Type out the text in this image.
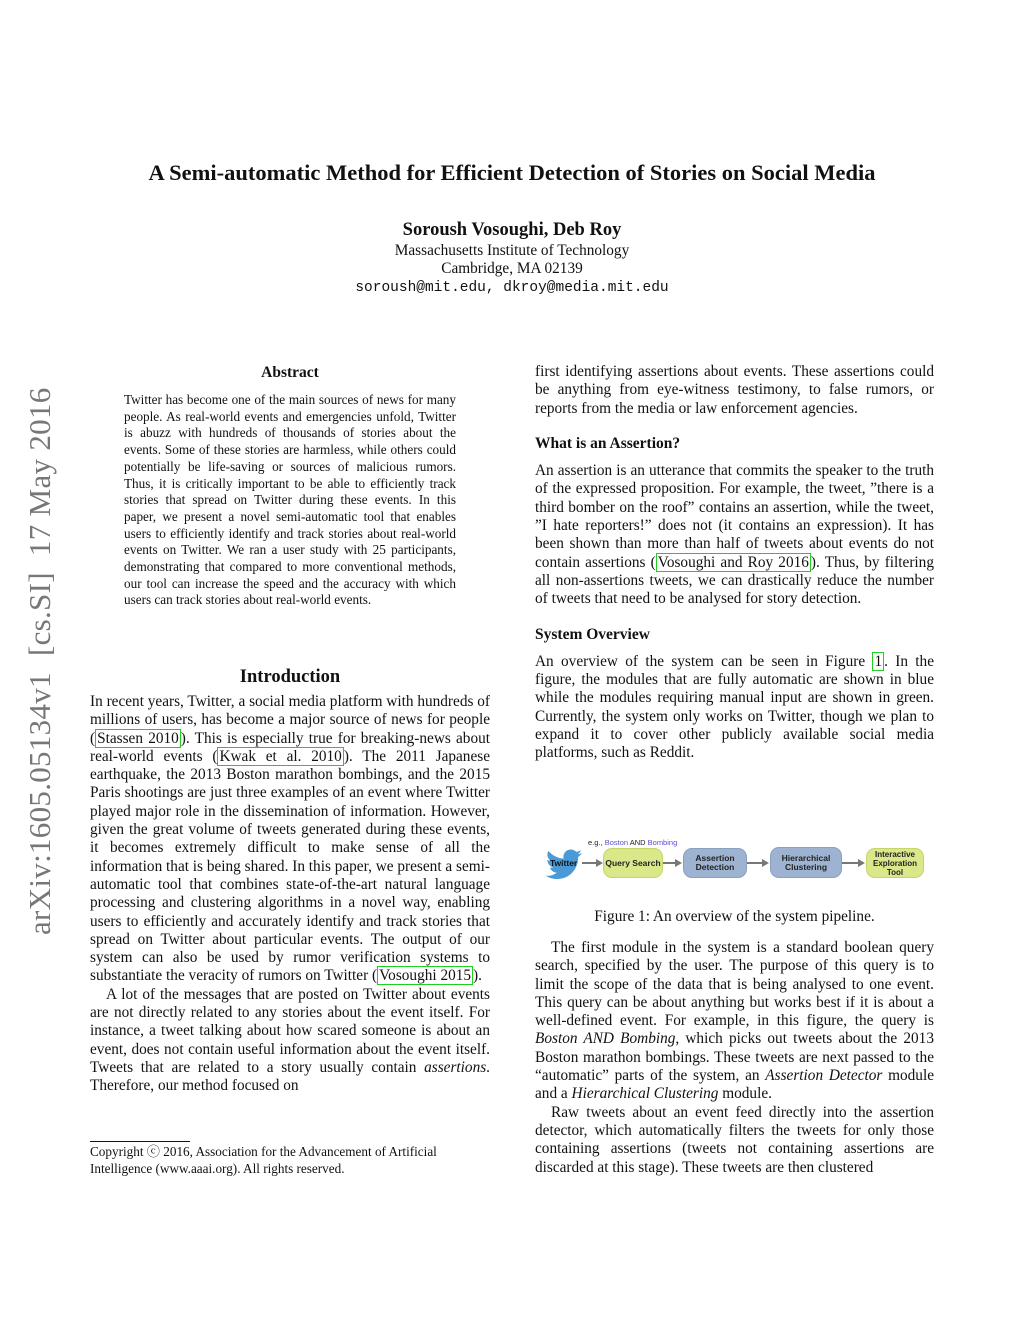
arXiv:1605.05134v1  [cs.SI]  17 May 2016
A Semi-automatic Method for Efficient Detection of Stories on Social Media
Soroush Vosoughi, Deb Roy
Massachusetts Institute of Technology
Cambridge, MA 02139
soroush@mit.edu, dkroy@media.mit.edu
Abstract

Twitter has become one of the main sources of news for many people. As real-world events and emergencies unfold, Twitter is abuzz with hundreds of thousands of stories about the events. Some of these stories are harmless, while others could potentially be life-saving or sources of malicious rumors. Thus, it is critically important to be able to efficiently track stories that spread on Twitter during these events. In this paper, we present a novel semi-automatic tool that enables users to efficiently identify and track stories about real-world events on Twitter. We ran a user study with 25 participants, demonstrating that compared to more conventional methods, our tool can increase the speed and the accuracy with which users can track stories about real-world events.

Introduction

In recent years, Twitter, a social media platform with hundreds of millions of users, has become a major source of news for people ( Stassen 2010 ). This is especially true for breaking-news about real-world events ( Kwak et al. 2010 ). The 2011 Japanese earthquake, the 2013 Boston marathon bombings, and the 2015 Paris shootings are just three examples of an event where Twitter played major role in the dissemination of information. However, given the great volume of tweets generated during these events, it becomes extremely difficult to make sense of all the information that is being shared. In this paper, we present a semi-automatic tool that combines state-of-the-art natural language processing and clustering algorithms in a novel way, enabling users to efficiently and accurately identify and track stories that spread on Twitter about particular events. The output of our system can also be used by rumor verification systems to substantiate the veracity of rumors on Twitter ( Vosoughi 2015 ).

A lot of the messages that are posted on Twitter about events are not directly related to any stories about the event itself. For instance, a tweet talking about how scared someone is about an event, does not contain useful information about the event itself. Tweets that are related to a story usually contain assertions. Therefore, our method focused on

Copyright ⓒ 2016, Association for the Advancement of Artificial Intelligence (www.aaai.org). All rights reserved.

first identifying assertions about events. These assertions could be anything from eye-witness testimony, to false rumors, or reports from the media or law enforcement agencies.

What is an Assertion?

An assertion is an utterance that commits the speaker to the truth of the expressed proposition. For example, the tweet, ”there is a third bomber on the roof” contains an assertion, while the tweet, ”I hate reporters!” does not (it contains an expression). It has been shown than more than half of tweets about events do not contain assertions ( Vosoughi and Roy 2016 ). Thus, by filtering all non-assertions tweets, we can drastically reduce the number of tweets that need to be analysed for story detection.

System Overview

An overview of the system can be seen in Figure 1 . In the figure, the modules that are fully automatic are shown in blue while the modules requiring manual input are shown in green. Currently, the system only works on Twitter, though we plan to expand it to cover other publicly available social media platforms, such as Reddit.

e.g., Boston AND Bombing
Twitter	Query Search	Assertion Detection
Hierarchical Clustering
Interactive Exploration Tool
Figure 1: An overview of the system pipeline.

The first module in the system is a standard boolean query search, specified by the user. The purpose of this query is to limit the scope of the data that is being analysed to one event. This query can be about anything but works best if it is about a well-defined event. For example, in this figure, the query is Boston AND Bombing, which picks out tweets about the 2013 Boston marathon bombings. These tweets are next passed to the “automatic” parts of the system, an Assertion Detector module and a Hierarchical Clustering module.

Raw tweets about an event feed directly into the assertion detector, which automatically filters the tweets for only those containing assertions (tweets not containing assertions are discarded at this stage). These tweets are then clustered
